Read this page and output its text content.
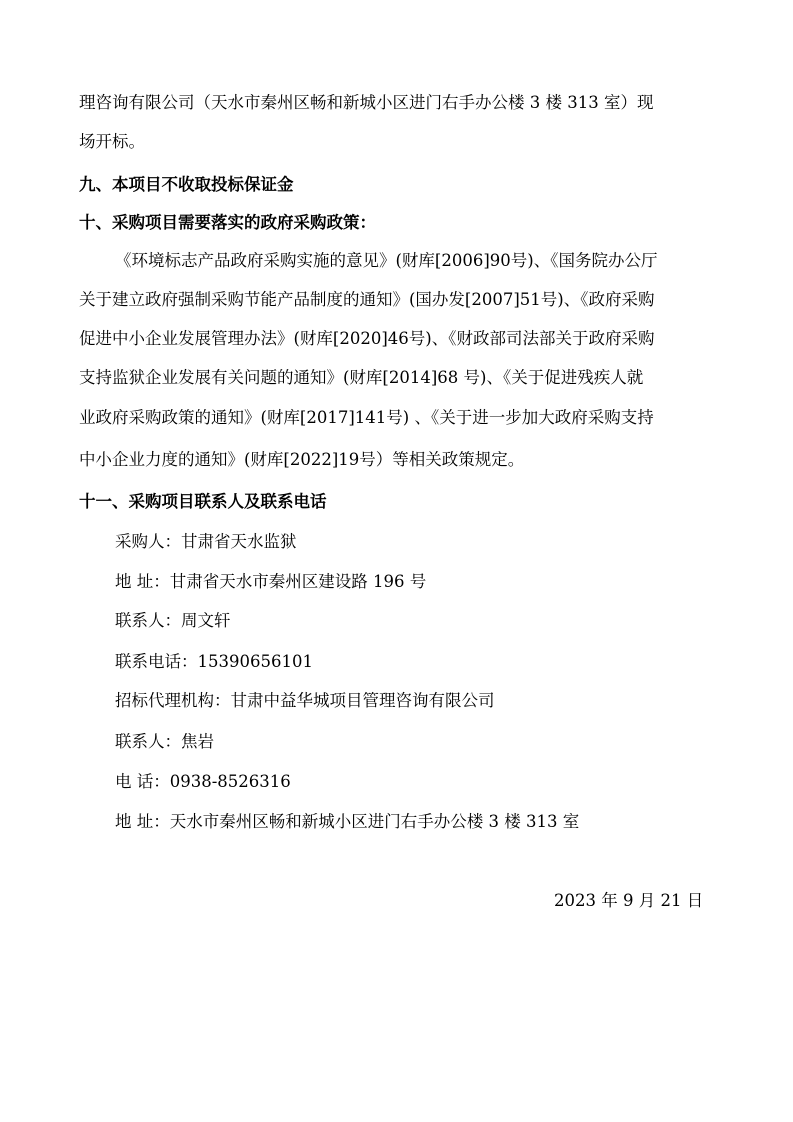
理咨询有限公司（天水市秦州区畅和新城小区进门右手办公楼 3 楼 313 室）现
场开标。
九、本项目不收取投标保证金
十、采购项目需要落实的政府采购政策：
《环境标志产品政府采购实施的意见》(财库[2006]90号)、《国务院办公厅
关于建立政府强制采购节能产品制度的通知》(国办发[2007]51号)、《政府采购
促进中小企业发展管理办法》(财库[2020]46号)、《财政部司法部关于政府采购
支持监狱企业发展有关问题的通知》(财库[2014]68 号)、《关于促进残疾人就
业政府采购政策的通知》(财库[2017]141号) 、《关于进一步加大政府采购支持
中小企业力度的通知》(财库[2022]19号）等相关政策规定。
十一、采购项目联系人及联系电话
采购人：甘肃省天水监狱
地 址：甘肃省天水市秦州区建设路 196 号
联系人：周文轩
联系电话：15390656101
招标代理机构：甘肃中益华城项目管理咨询有限公司
联系人：焦岩
电 话：0938-8526316
地 址：天水市秦州区畅和新城小区进门右手办公楼 3 楼 313 室
2023 年 9 月 21 日
